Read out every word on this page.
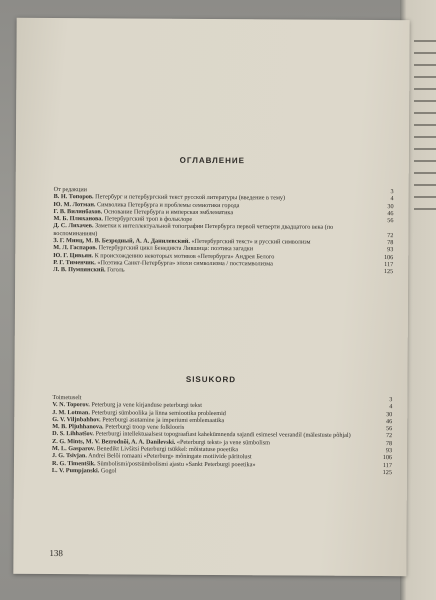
ОГЛАВЛЕНИЕ
От редакции	3
В. Н. Топоров. Петербург и петербургский текст русской литературы (введение в тему)	4
Ю. М. Лотман. Символика Петербурга и проблемы семиотики города	30
Г. В. Вилинбахов. Основание Петербурга и имперская эмблематика	46
М. Б. Плюханова. Петербургский троп в фольклоре	56
Д. С. Лихачев. Заметки к интеллектуальной топографии Петербурга первой четверти двадцатого века (по воспоминаниям)	72
З. Г. Минц, М. В. Безродный, А. А. Данилевский. «Петербургский текст» и русский символизм	78
М. Л. Гаспаров. Петербургский цикл Бенедикта Лившица: поэтика загадки	93
Ю. Г. Цивьян. К происхождению некоторых мотивов «Петербурга» Андрея Белого	106
Р. Г. Тименчик. «Поэтика Санкт-Петербурга» эпохи символизма / постсимволизма	117
Л. В. Пумпянский. Гоголь	125
SISUKORD
Toimetuselt	3
V. N. Toporov. Peterburg ja vene kirjanduse peterburgi tekst	4
J. M. Lotman. Peterburgi sümboolika ja linna semiootika probleemid	30
G. V. Viljnbahhov. Peterburgi asutamine ja imperiumi emblemaatika	46
M. B. Pljuhhanova. Peterburgi troop vene folklooris	56
D. S. Lihhatšov. Peterburgi intellektuaalsest topograafiast kahekümnenda sajandi esimesel veerandil (mälestuste põhjal)	72
Z. G. Mints, M. V. Bezrodnõi, A. A. Danilevski. «Peterburgi tekst» ja vene sümbolism	78
M. L. Gasparov. Benedikt Livšitsi Peterburgi tsükkel: mõistatuse poeetika	93
J. G. Tsivjan. Andrei Belõi romaani «Peterburg» mõningate motiivide päritolust	106
R. G. Timentšik. Sümbolismi/postsümbolismi ajastu «Sankt Peterburgi poeetika»	117
L. V. Pumpjanski. Gogol	125
138
